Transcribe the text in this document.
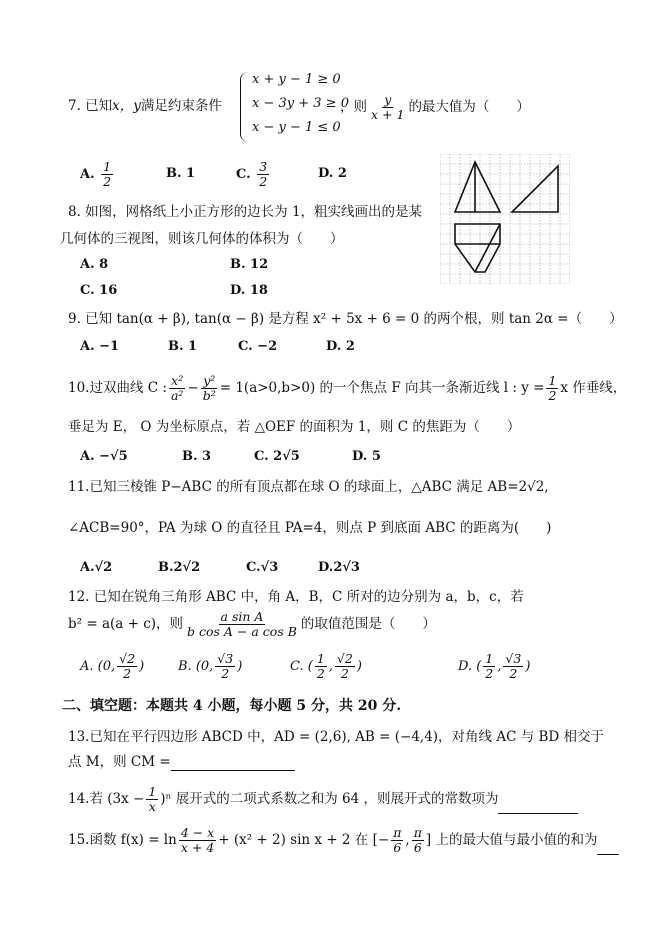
7. 已知x，y满足约束条件
x + y − 1 ≥ 0
x − 3y + 3 ≥ 0
x − y − 1 ≤ 0
，则 $\frac{y}{x + 1}$ 的最大值为（　　）
A. $\frac{1}{2}$	B. 1	C. $\frac{3}{2}$	D. 2
8. 如图，网格纸上小正方形的边长为 1，粗实线画出的是某
几何体的三视图，则该几何体的体积为（　　）
A. 8	B. 12
C. 16	D. 18
9. 已知 tan(α + β), tan(α − β) 是方程 x² + 5x + 6 = 0 的两个根，则 tan 2α =（　　）
A. −1	B. 1	C. −2	D. 2
10.过双曲线 C : $\frac{\text{x²}}{\text{a²}} - \frac{\text{y²}}{\text{b²}} = 1(a>0,b>0)$ 的一个焦点 F 向其一条渐近线 l : $y = \frac{1}{2}$ x 作垂线，
垂足为 E， O 为坐标原点，若 △OEF 的面积为 1，则 C 的焦距为（　　）
A. −√5	B. 3	C. 2√5	D. 5
11.已知三棱锥 P−ABC 的所有顶点都在球 O 的球面上，△ABC 满足 AB=2√2,
∠ACB=90°，PA 为球 O 的直径且 PA=4，则点 P 到底面 ABC 的距离为(　　)
A.√2	B.2√2	C.√3	D.2√3
12. 已知在锐角三角形 ABC 中，角 A，B，C 所对的边分别为 a，b，c，若
b² = a(a + c)，则 $\frac{\text{a sin A}}{\text{b cos A − a cos B}}$ 的取值范围是（　　）
A. (0, $\frac{√2}{2}$ )	B. (0, $\frac{√3}{2}$ )	C. ( $\frac{1}{2}$ , $\frac{√2}{2}$ )	D. ( $\frac{1}{2}$ , $\frac{√3}{2}$ )
二、填空题：本题共 4 小题，每小题 5 分，共 20 分.
13.已知在平行四边形 ABCD 中，AD = (2,6), AB = (−4,4)，对角线 AC 与 BD 相交于
点 M，则 CM =
14.若 $(3x - \frac{1}{x} )^n$ 展开式的二项式系数之和为 64 ，则展开式的常数项为
15.函数 $f(x) = \ln \frac{4 - x}{x + 4} + (x^2 + 2)$ sin x + 2 在 [− $\frac{\pi}{6}$ , $\frac{\pi}{6}$ ] 上的最大值与最小值的和为
